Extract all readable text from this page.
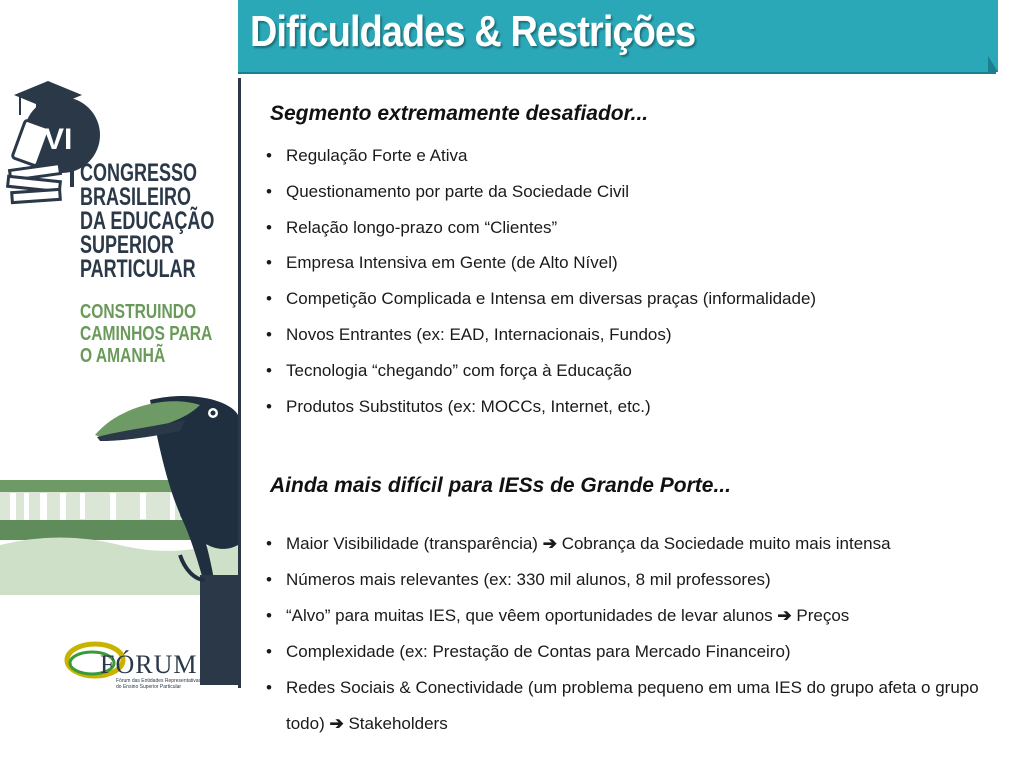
Dificuldades & Restrições
VI
CONGRESSO
BRASILEIRO
DA EDUCAÇÃO
SUPERIOR
PARTICULAR
CONSTRUINDO
CAMINHOS PARA
O AMANHÃ
FÓRUM
Fórum das Entidades Representativas do Ensino Superior Particular
Segmento extremamente desafiador...
• Regulação Forte e Ativa
• Questionamento por parte da Sociedade Civil
• Relação longo-prazo com “Clientes”
• Empresa Intensiva em Gente (de Alto Nível)
• Competição Complicada e Intensa em diversas praças (informalidade)
• Novos Entrantes (ex: EAD, Internacionais, Fundos)
• Tecnologia “chegando” com força à Educação
• Produtos Substitutos (ex: MOCCs, Internet, etc.)
Ainda mais difícil para IESs de Grande Porte...
• Maior Visibilidade (transparência) ➔ Cobrança da Sociedade muito mais intensa
• Números mais relevantes (ex: 330 mil alunos, 8 mil professores)
• “Alvo” para muitas IES, que vêem oportunidades de levar alunos ➔ Preços
• Complexidade (ex: Prestação de Contas para Mercado Financeiro)
• Redes Sociais & Conectividade (um problema pequeno em uma IES do grupo afeta o grupo todo) ➔ Stakeholders
